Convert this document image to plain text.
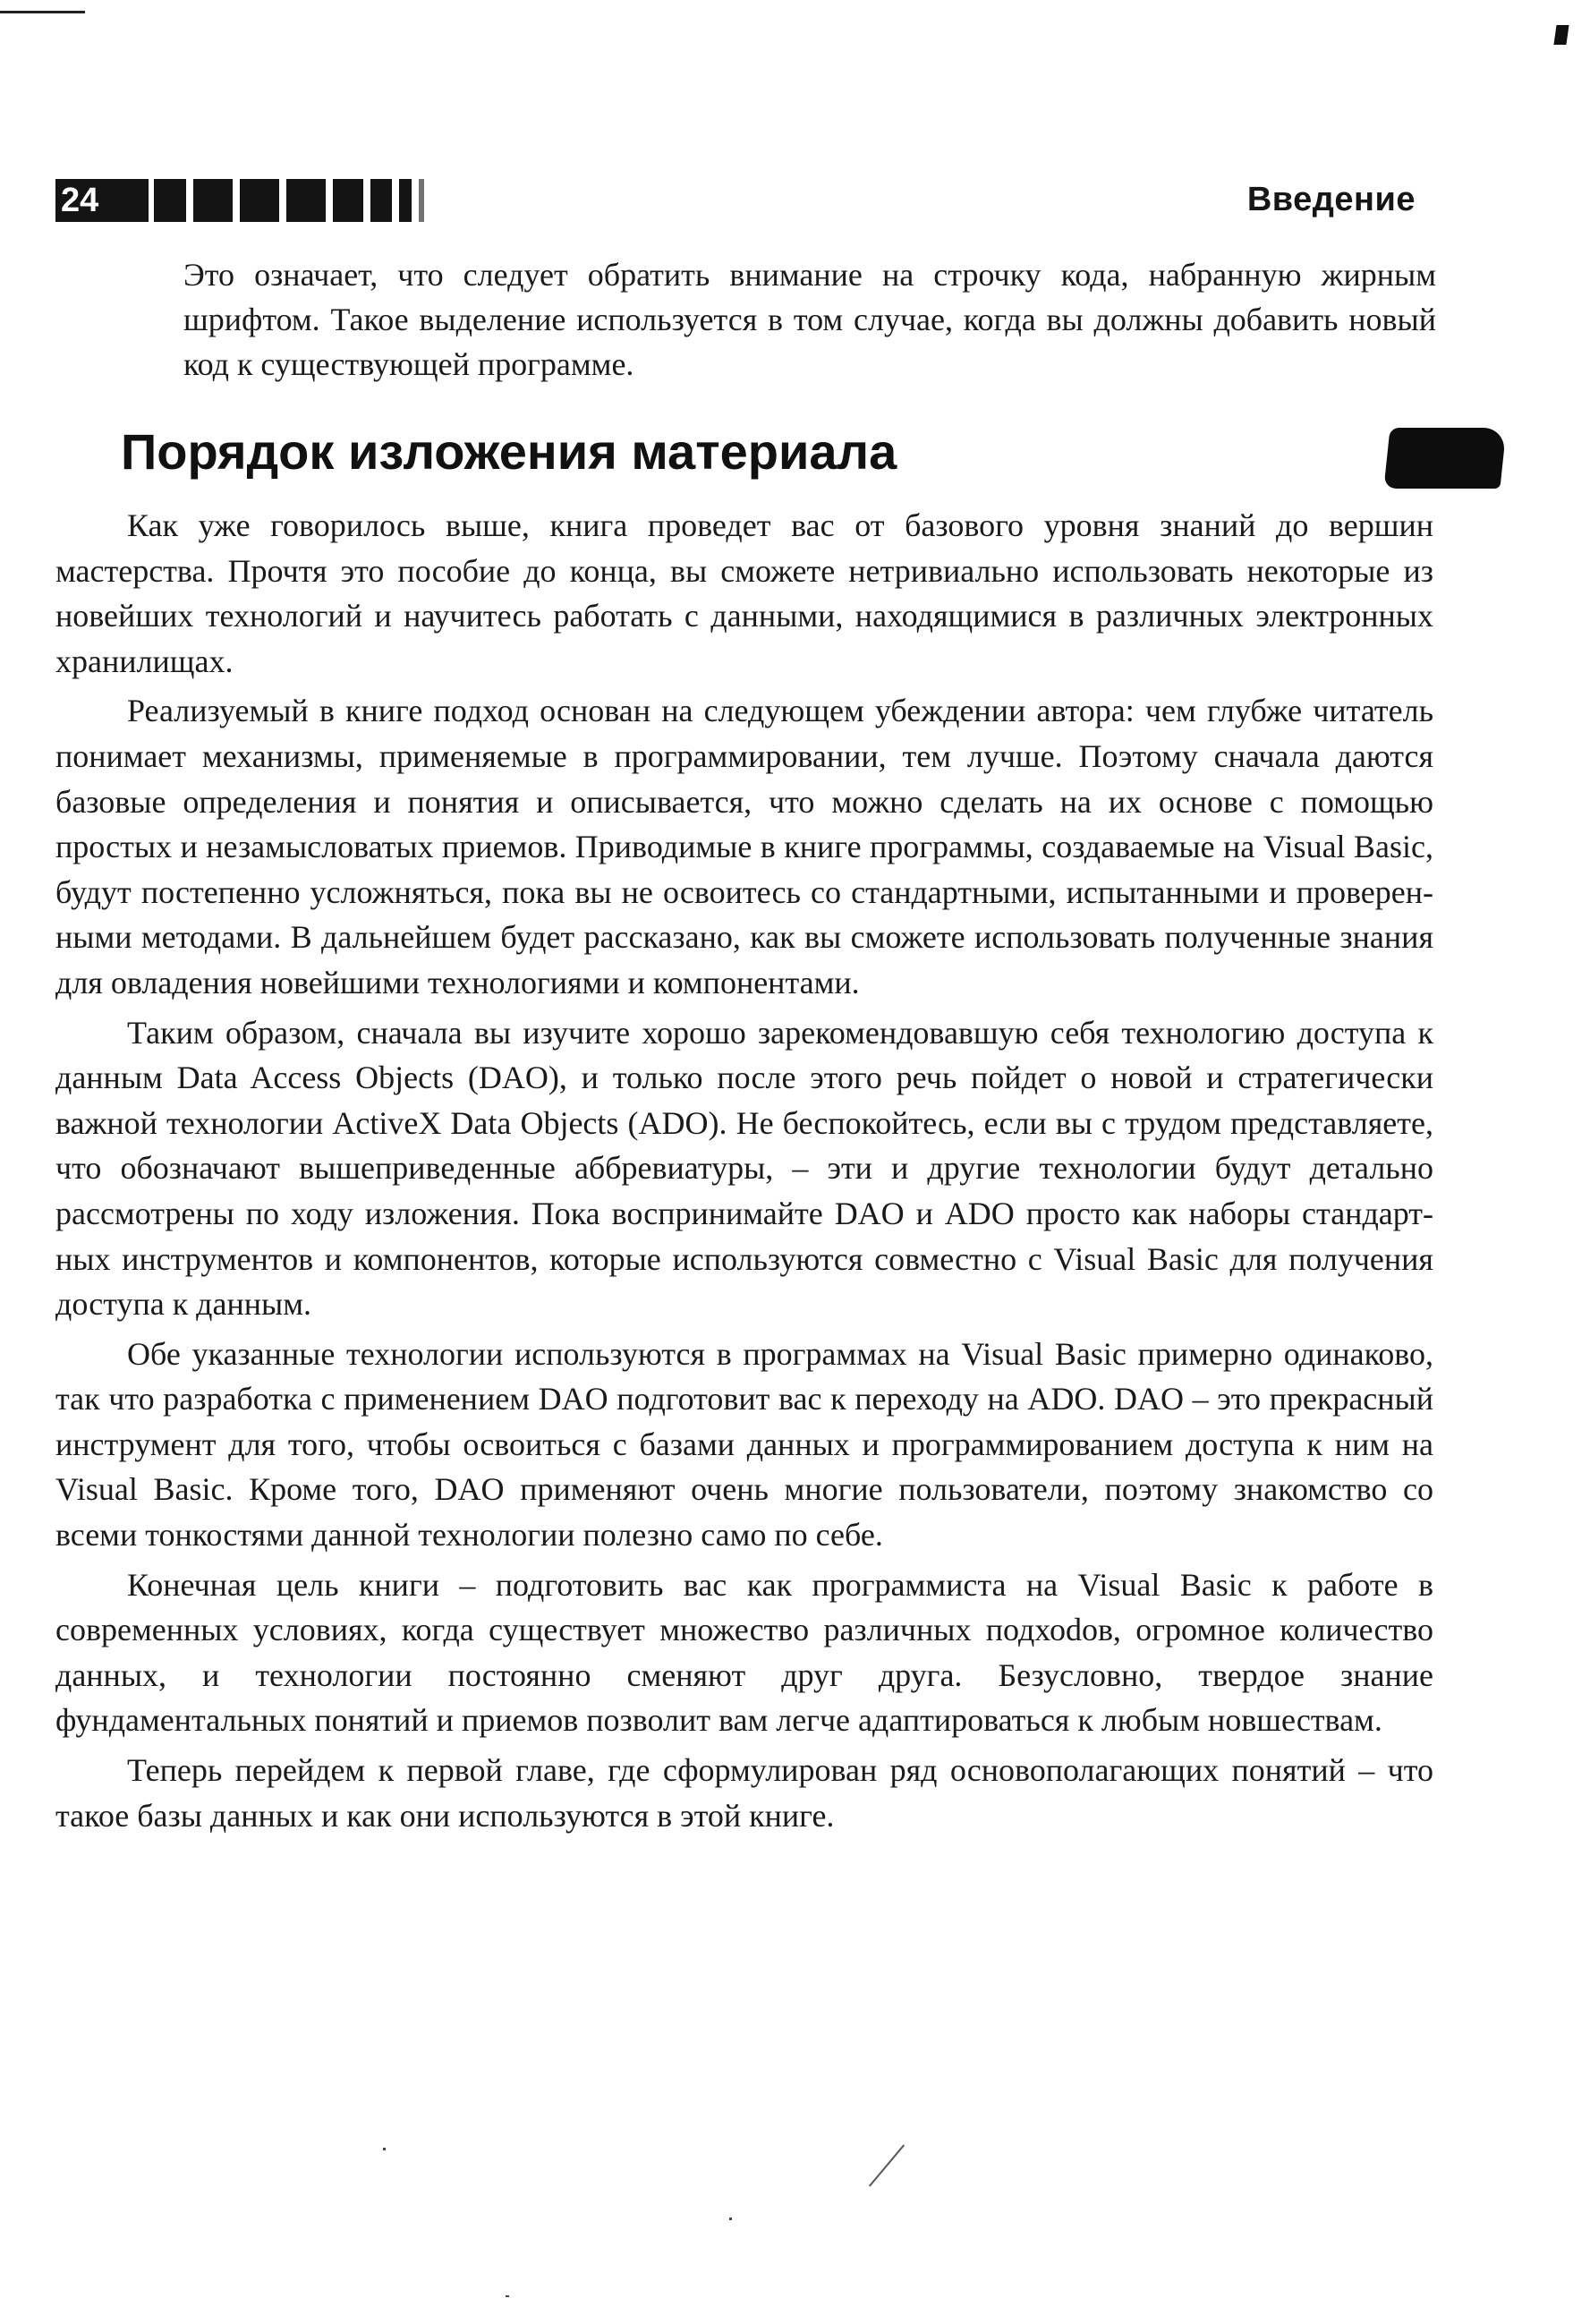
24	Введение
Это означает, что следует обратить внимание на строчку кода, набранную жирным шрифтом. Такое выделение используется в том случае, когда вы должны добавить новый код к существующей программе.
Порядок изложения материала

Как уже говорилось выше, книга проведет вас от базового уровня знаний до вершин мастерства. Прочтя это пособие до конца, вы сможете нетривиально использовать некоторые из новейших технологий и научитесь работать с данными, находящимися в различных электронных хранилищах.

Реализуемый в книге подход основан на следующем убеждении автора: чем глубже читатель понимает механизмы, применяемые в программировании, тем лучше. Поэтому сначала даются базовые определения и понятия и описывается, что можно сделать на их основе с помощью простых и незамысловатых приемов. Приводимые в книге программы, создаваемые на Visual Basic, будут постепенно усложняться, пока вы не освоитесь со стандартными, испытанными и проверенными методами. В дальнейшем будет рассказано, как вы сможете использовать полученные знания для овладения новейшими технологиями и компонентами.

Таким образом, сначала вы изучите хорошо зарекомендовавшую себя технологию доступа к данным Data Access Objects (DAO), и только после этого речь пойдет о новой и стратегически важной технологии ActiveX Data Objects (ADO). Не беспокойтесь, если вы с трудом представляете, что обозначают вышеприведенные аббревиатуры, – эти и другие технологии будут детально рассмотрены по ходу изложения. Пока воспринимайте DAO и ADO просто как наборы стандартных инструментов и компонентов, которые используются совместно с Visual Basic для получения доступа к данным.

Обе указанные технологии используются в программах на Visual Basic примерно одинаково, так что разработка с применением DAO подготовит вас к переходу на ADO. DAO – это прекрасный инструмент для того, чтобы освоиться с базами данных и программированием доступа к ним на Visual Basic. Кроме того, DAO применяют очень многие пользователи, поэтому знакомство со всеми тонкостями данной технологии полезно само по себе.

Конечная цель книги – подготовить вас как программиста на Visual Basic к работе в современных условиях, когда существует множество различных подхоdов, огромное количество данных, и технологии постоянно сменяют друг друга. Безусловно, твердое знание фундаментальных понятий и приемов позволит вам легче адаптироваться к любым новшествам.

Теперь перейдем к первой главе, где сформулирован ряд основополагающих понятий – что такое базы данных и как они используются в этой книге.
